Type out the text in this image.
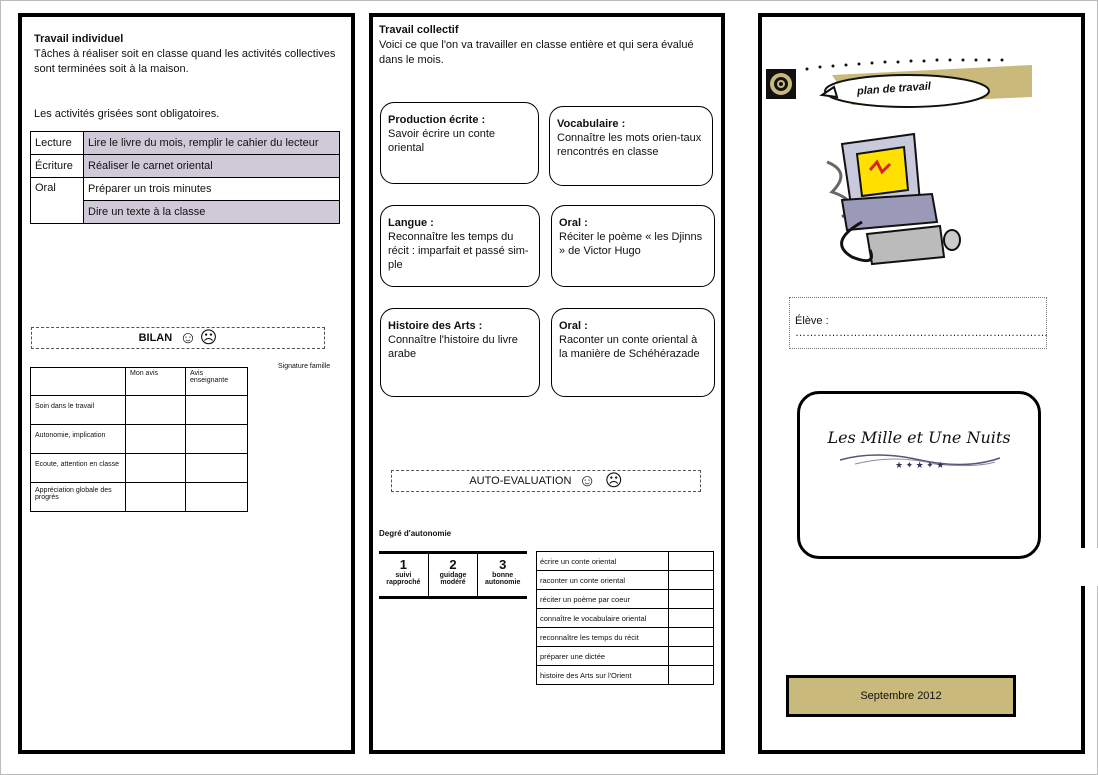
Travail individuel
Tâches à réaliser soit en classe quand les activités collectives sont terminées soit à la maison.
Les activités grisées sont obligatoires.
Lecture	Lire le livre du mois, remplir le cahier du lecteur
Écriture	Réaliser le carnet oriental
Oral	Préparer un trois minutes
	Dire un texte à la classe
BILAN ☺ ☹
Signature famille
	Mon avis	Avis enseignante
Soin dans le travail		
Autonomie, implication		
Ecoute, attention en classe		
Appréciation globale des progrès		
Travail collectif
Voici ce que l'on va travailler en classe entière et qui sera évalué dans le mois.
Production écrite :
Savoir écrire un conte oriental
Vocabulaire :
Connaître les mots orien-taux rencontrés en classe
Langue :
Reconnaître les temps du récit : imparfait et passé sim-ple
Oral :
Réciter le poème « les Djinns » de Victor Hugo
Histoire des Arts :
Connaître l'histoire du livre arabe
Oral :
Raconter un conte oriental à la manière de Schéhérazade
AUTO-EVALUATION ☺ ☹
Degré d'autonomie
1
suivi rapproché
2
guidage modéré
3
bonne autonomie
écrire un conte oriental	
raconter un conte oriental	
réciter un poème par coeur	
connaître le vocabulaire oriental	
reconnaître les temps du récit	
préparer une dictée	
histoire des Arts sur l'Orient	
plan de travail
Élève : ……………………………………………………………
Les Mille et Une Nuits
★ ✦ ★ ✦ ★
Septembre 2012
